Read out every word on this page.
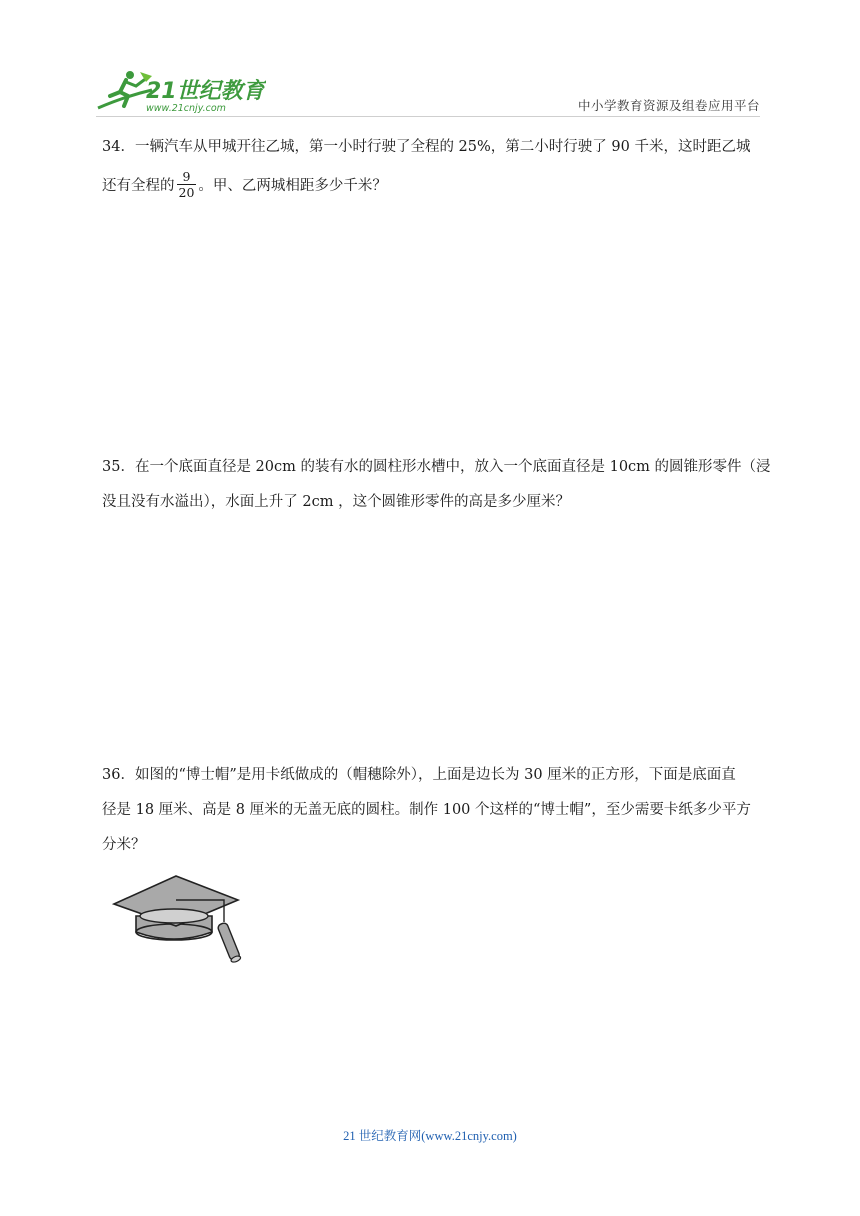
21世纪教育
www.21cnjy.com	中小学教育资源及组卷应用平台

34．一辆汽车从甲城开往乙城，第一小时行驶了全程的 25%，第二小时行驶了 90 千米，这时距乙城

还有全程的 $\frac{9}{20}$ 。甲、乙两城相距多少千米？

35．在一个底面直径是 20cm 的装有水的圆柱形水槽中，放入一个底面直径是 10cm 的圆锥形零件（浸

没且没有水溢出），水面上升了 2cm ，这个圆锥形零件的高是多少厘米？

36．如图的“博士帽”是用卡纸做成的（帽穗除外），上面是边长为 30 厘米的正方形，下面是底面直

径是 18 厘米、高是 8 厘米的无盖无底的圆柱。制作 100 个这样的“博士帽”，至少需要卡纸多少平方

分米？

21 世纪教育网(www.21cnjy.com)
